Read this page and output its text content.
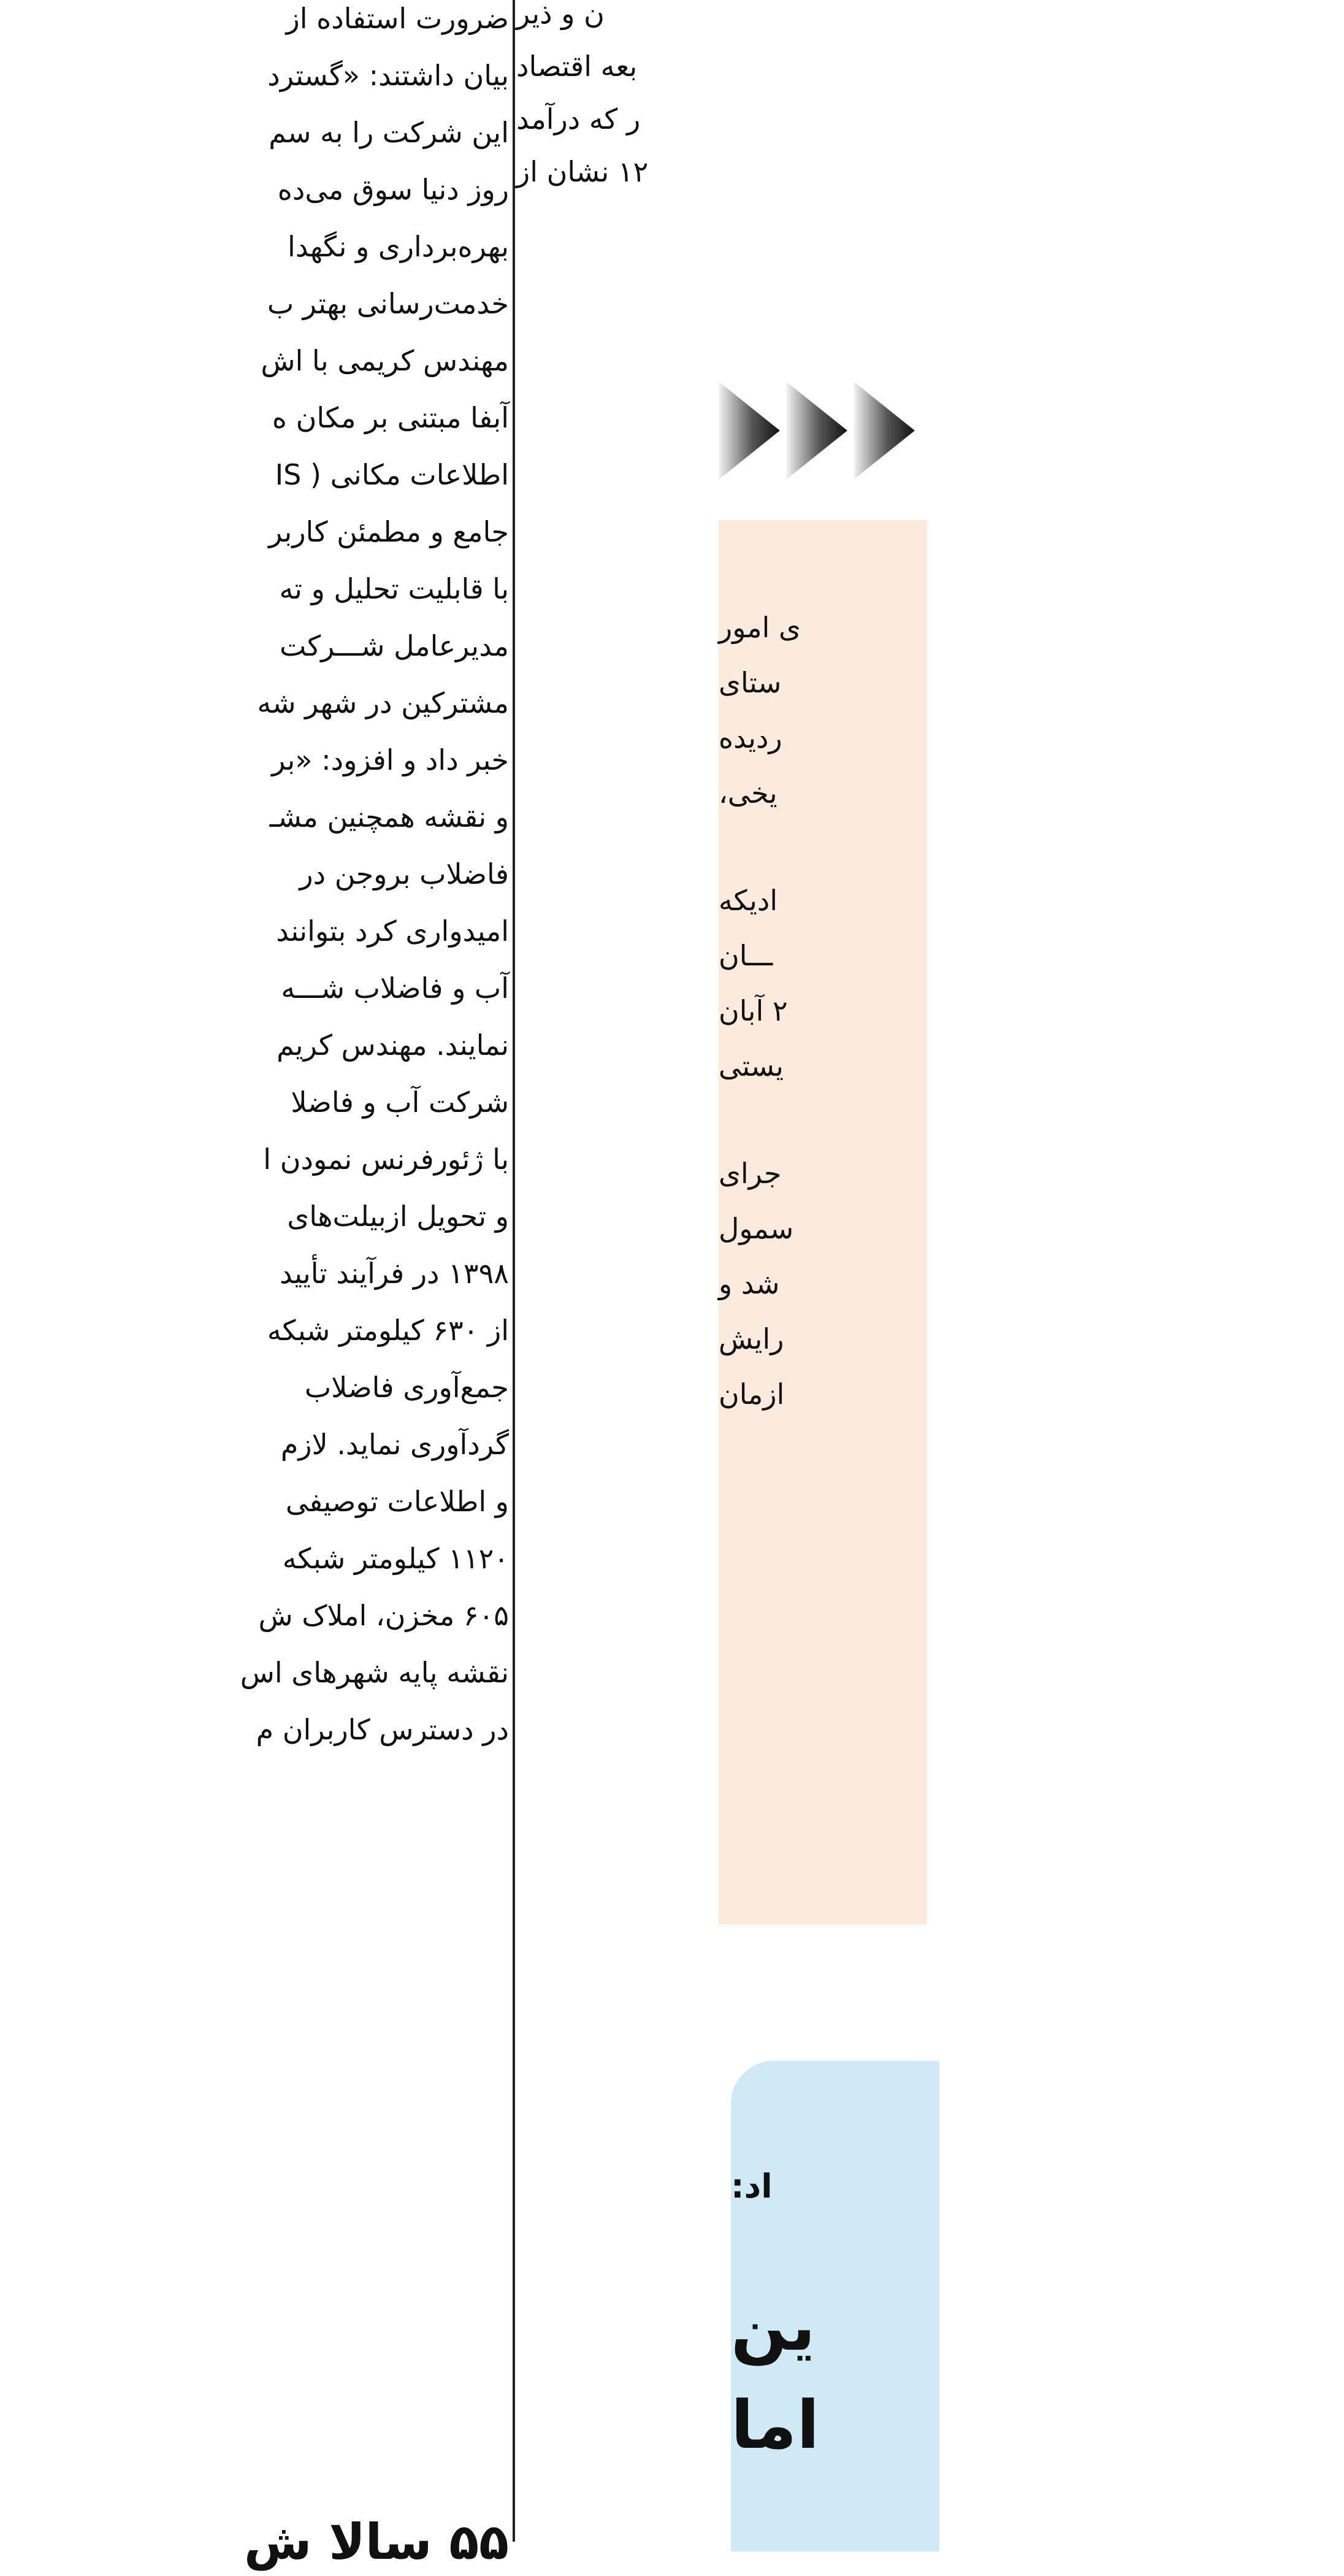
ضرورت استفاده از
بیان داشتند: «گسترد
این شرکت را به سم
روز دنیا سوق می‌ده
بهره‌برداری و نگهدا
خدمت‌رسانی بهتر ب
مهندس کریمی با اش
آبفا مبتنی بر مکان ه
اطلاعات مکانی ( IS
جامع و مطمئن کاربر
با قابلیت تحلیل و ته
مدیرعامل شـــرکت
مشترکین در شهر شه
خبر داد و افزود: «بر
و نقشه همچنین مشـ
فاضلاب بروجن در
امیدواری کرد بتوانند
آب و فاضلاب شـــه
نمایند. مهندس کریم
شرکت آب و فاضلا
با ژئورفرنس نمودن ا
و تحویل ازبیلت‌های
۱۳۹۸ در فرآیند تأیید
از ۶۳۰ کیلومتر شبکه
جمع‌آوری فاضلاب
گردآوری نماید. لازم
و اطلاعات توصیفی
۱۱۲۰ کیلومتر شبکه
۶۰۵ مخزن، املاک ش
نقشه پایه شهرهای اس
در دسترس کاربران م
۵۵ سالا ش
ن و ذیر
بعه اقتصاد
ر که درآمد
۱۲ نشان از
ی امور
ستای
ردیده
یخی،
ادیکه
ـــان
۲ آبان
یستی
جرای
سمول
شد و
رایش
ازمان
اد:
ین
اما
